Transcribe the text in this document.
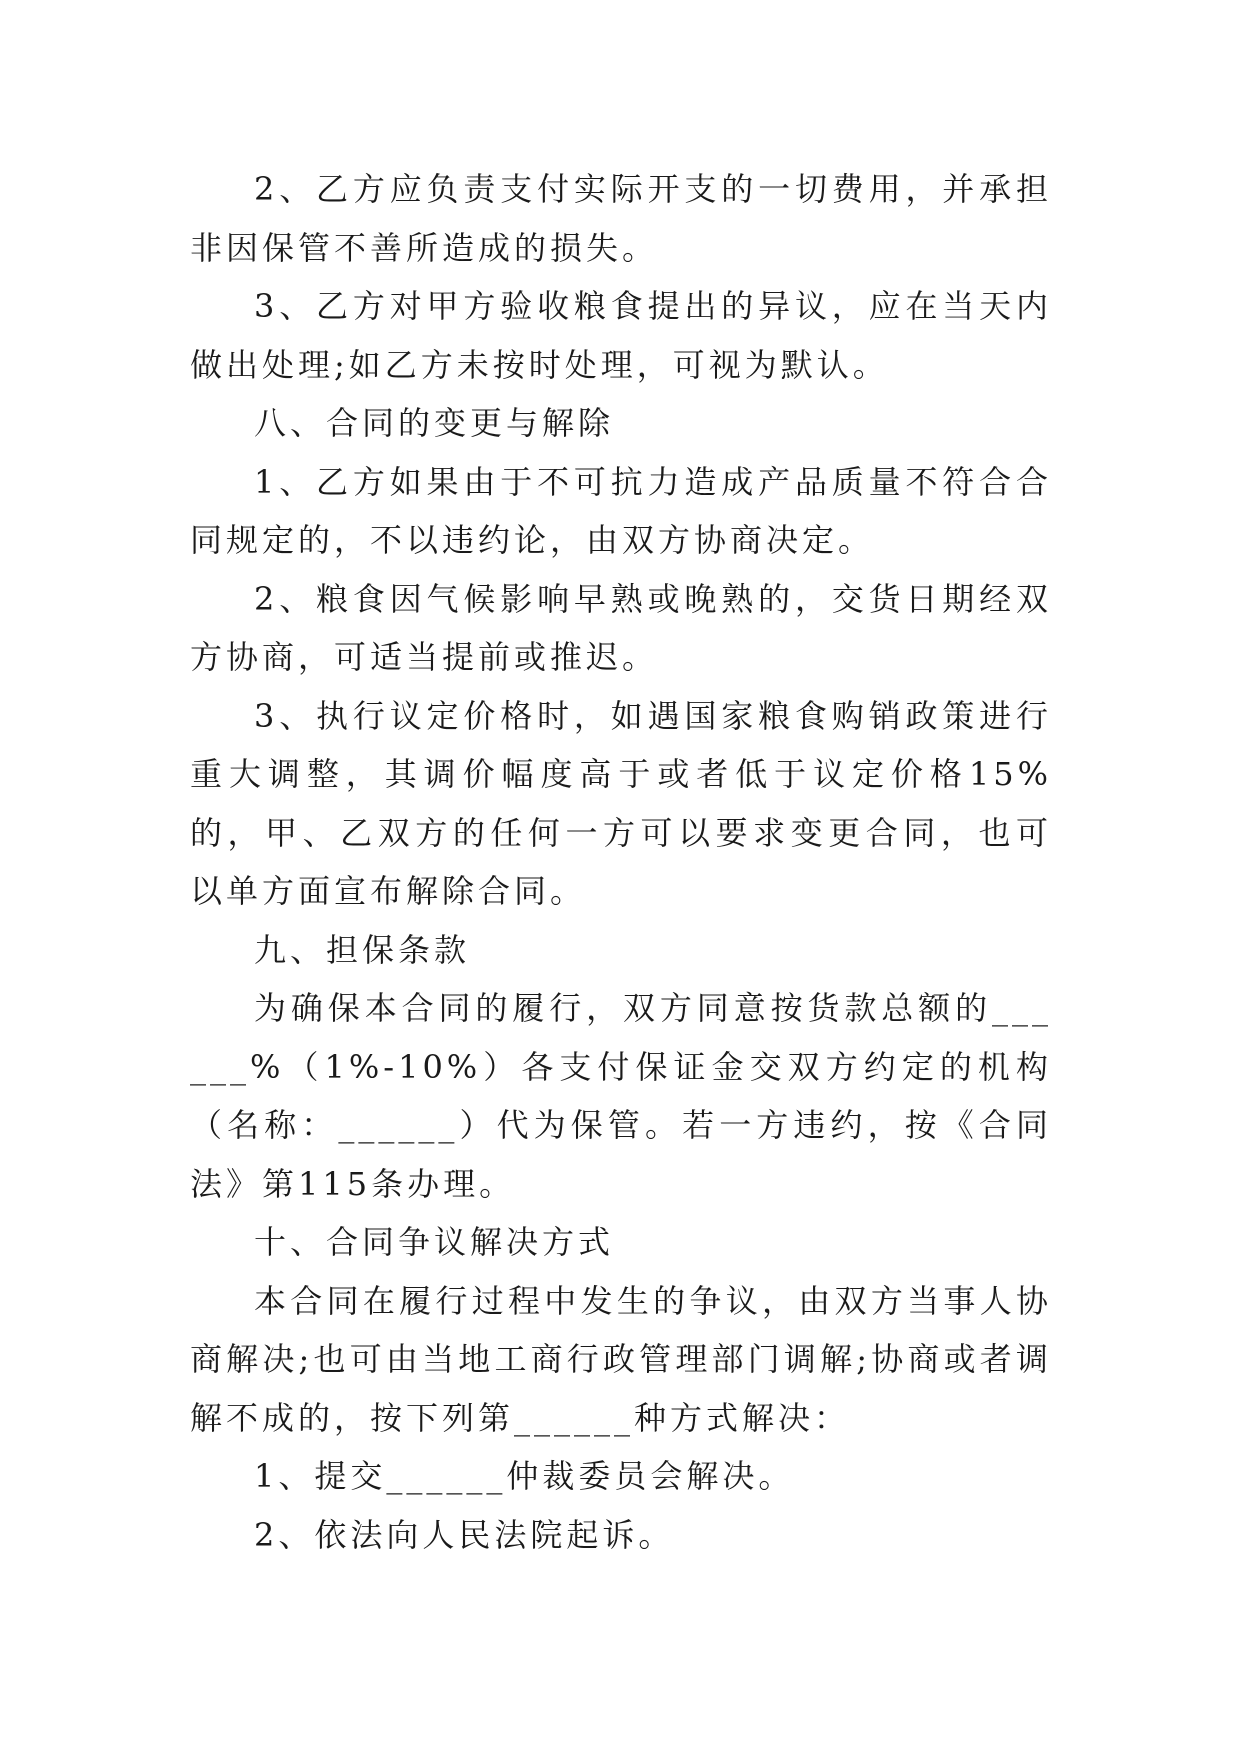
2、乙方应负责支付实际开支的一切费用，并承担非因保管不善所造成的损失。

3、乙方对甲方验收粮食提出的异议，应在当天内做出处理;如乙方未按时处理，可视为默认。

八、合同的变更与解除

1、乙方如果由于不可抗力造成产品质量不符合合同规定的，不以违约论，由双方协商决定。

2、粮食因气候影响早熟或晚熟的，交货日期经双方协商，可适当提前或推迟。

3、执行议定价格时，如遇国家粮食购销政策进行重大调整，其调价幅度高于或者低于议定价格15%的，甲、乙双方的任何一方可以要求变更合同，也可以单方面宣布解除合同。

九、担保条款

为确保本合同的履行，双方同意按货款总额的______%（1%-10%）各支付保证金交双方约定的机构（名称：______）代为保管。若一方违约，按《合同法》第115条办理。

十、合同争议解决方式

本合同在履行过程中发生的争议，由双方当事人协商解决;也可由当地工商行政管理部门调解;协商或者调解不成的，按下列第______种方式解决：

1、提交______仲裁委员会解决。

2、依法向人民法院起诉。
